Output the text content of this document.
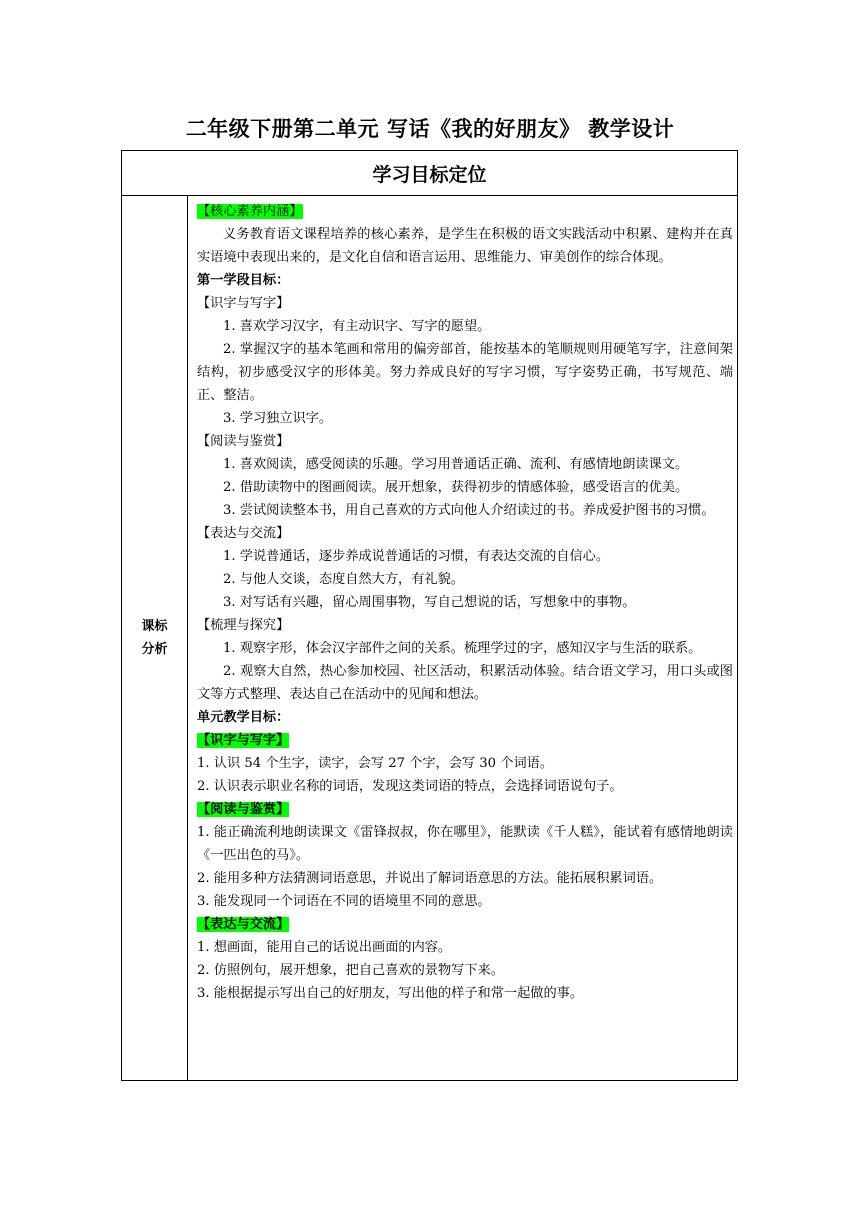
二年级下册第二单元 写话《我的好朋友》 教学设计
学习目标定位
课标分析
【核心素养内涵】

义务教育语文课程培养的核心素养，是学生在积极的语文实践活动中积累、建构并在真实语境中表现出来的，是文化自信和语言运用、思维能力、审美创作的综合体现。

第一学段目标：

【识字与写字】

1. 喜欢学习汉字，有主动识字、写字的愿望。

2. 掌握汉字的基本笔画和常用的偏旁部首，能按基本的笔顺规则用硬笔写字，注意间架结构，初步感受汉字的形体美。努力养成良好的写字习惯，写字姿势正确，书写规范、端正、整洁。

3. 学习独立识字。

【阅读与鉴赏】

1. 喜欢阅读，感受阅读的乐趣。学习用普通话正确、流利、有感情地朗读课文。

2. 借助读物中的图画阅读。展开想象，获得初步的情感体验，感受语言的优美。

3. 尝试阅读整本书，用自己喜欢的方式向他人介绍读过的书。养成爱护图书的习惯。

【表达与交流】

1. 学说普通话，逐步养成说普通话的习惯，有表达交流的自信心。

2. 与他人交谈，态度自然大方，有礼貌。

3. 对写话有兴趣，留心周围事物，写自己想说的话，写想象中的事物。

【梳理与探究】

1. 观察字形，体会汉字部件之间的关系。梳理学过的字，感知汉字与生活的联系。

2. 观察大自然，热心参加校园、社区活动，积累活动体验。结合语文学习，用口头或图文等方式整理、表达自己在活动中的见闻和想法。

单元教学目标：

【识字与写字】

1. 认识 54 个生字，读字，会写 27 个字，会写 30 个词语。

2. 认识表示职业名称的词语，发现这类词语的特点，会选择词语说句子。

【阅读与鉴赏】

1. 能正确流利地朗读课文《雷锋叔叔，你在哪里》，能默读《千人糕》，能试着有感情地朗读《一匹出色的马》。

2. 能用多种方法猜测词语意思，并说出了解词语意思的方法。能拓展积累词语。

3. 能发现同一个词语在不同的语境里不同的意思。

【表达与交流】

1. 想画面，能用自己的话说出画面的内容。

2. 仿照例句，展开想象，把自己喜欢的景物写下来。

3. 能根据提示写出自己的好朋友，写出他的样子和常一起做的事。
